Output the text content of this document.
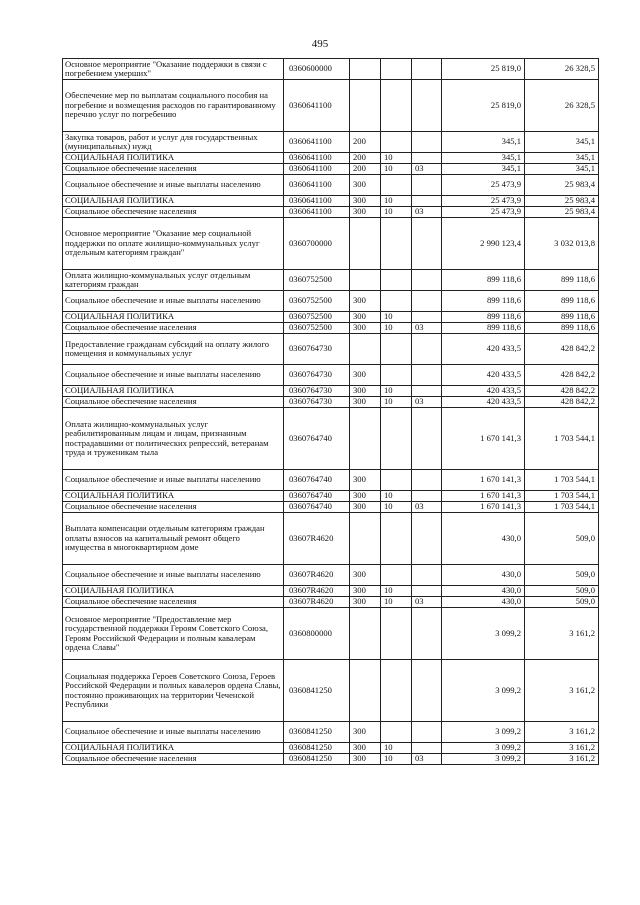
495
Основное мероприятие "Оказание поддержки в связи с погребением умерших"	0360600000				25 819,0	26 328,5
Обеспечение мер по выплатам социального пособия на погребение и возмещения расходов по гарантированному перечню услуг по погребению	0360641100				25 819,0	26 328,5
Закупка товаров, работ и услуг для государственных (муниципальных) нужд	0360641100	200			345,1	345,1
СОЦИАЛЬНАЯ ПОЛИТИКА	0360641100	200	10		345,1	345,1
Социальное обеспечение населения	0360641100	200	10	03	345,1	345,1
Социальное обеспечение и иные выплаты населению	0360641100	300			25 473,9	25 983,4
СОЦИАЛЬНАЯ ПОЛИТИКА	0360641100	300	10		25 473,9	25 983,4
Социальное обеспечение населения	0360641100	300	10	03	25 473,9	25 983,4
Основное мероприятие "Оказание мер социальной поддержки по оплате жилищно-коммунальных услуг отдельным категориям граждан"	0360700000				2 990 123,4	3 032 013,8
Оплата жилищно-коммунальных услуг отдельным категориям граждан	0360752500				899 118,6	899 118,6
Социальное обеспечение и иные выплаты населению	0360752500	300			899 118,6	899 118,6
СОЦИАЛЬНАЯ ПОЛИТИКА	0360752500	300	10		899 118,6	899 118,6
Социальное обеспечение населения	0360752500	300	10	03	899 118,6	899 118,6
Предоставление гражданам субсидий на оплату жилого помещения и коммунальных услуг	0360764730				420 433,5	428 842,2
Социальное обеспечение и иные выплаты населению	0360764730	300			420 433,5	428 842,2
СОЦИАЛЬНАЯ ПОЛИТИКА	0360764730	300	10		420 433,5	428 842,2
Социальное обеспечение населения	0360764730	300	10	03	420 433,5	428 842,2
Оплата жилищно-коммунальных услуг реабилитированным лицам и лицам, признанным пострадавшими от политических репрессий, ветеранам труда и труженикам тыла	0360764740				1 670 141,3	1 703 544,1
Социальное обеспечение и иные выплаты населению	0360764740	300			1 670 141,3	1 703 544,1
СОЦИАЛЬНАЯ ПОЛИТИКА	0360764740	300	10		1 670 141,3	1 703 544,1
Социальное обеспечение населения	0360764740	300	10	03	1 670 141,3	1 703 544,1
Выплата компенсации отдельным категориям граждан оплаты взносов на капитальный ремонт общего имущества в многоквартирном доме	03607R4620				430,0	509,0
Социальное обеспечение и иные выплаты населению	03607R4620	300			430,0	509,0
СОЦИАЛЬНАЯ ПОЛИТИКА	03607R4620	300	10		430,0	509,0
Социальное обеспечение населения	03607R4620	300	10	03	430,0	509,0
Основное мероприятие "Предоставление мер государственной поддержки Героям Советского Союза, Героям Российской Федерации и полным кавалерам ордена Славы"	0360800000				3 099,2	3 161,2
Социальная поддержка Героев Советского Союза, Героев Российской Федерации и полных кавалеров ордена Славы, постоянно проживающих на территории Чеченской Республики	0360841250				3 099,2	3 161,2
Социальное обеспечение и иные выплаты населению	0360841250	300			3 099,2	3 161,2
СОЦИАЛЬНАЯ ПОЛИТИКА	0360841250	300	10		3 099,2	3 161,2
Социальное обеспечение населения	0360841250	300	10	03	3 099,2	3 161,2
